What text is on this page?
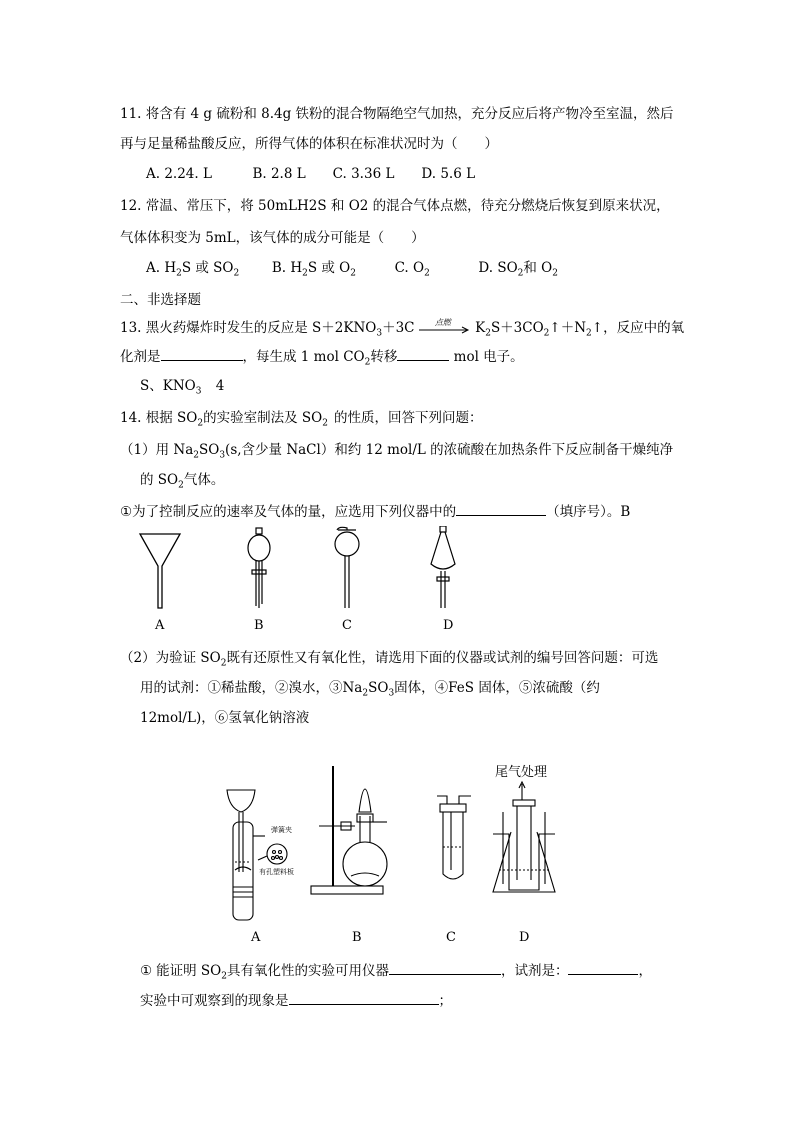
11. 将含有 4 g 硫粉和 8.4g 铁粉的混合物隔绝空气加热，充分反应后将产物冷至室温，然后
再与足量稀盐酸反应，所得气体的体积在标准状况时为（　　）
A. 2.24. L　　　B. 2.8 L　　C. 3.36 L　　D. 5.6 L
12. 常温、常压下，将 50mLH2S 和 O2 的混合气体点燃，待充分燃烧后恢复到原来状况，
气体体积变为 5mL，该气体的成分可能是（　　）
A. $H_2S$ 或 $SO_2$ B. $H_2S$ 或 $O_2$	C. $O_2$	D. $SO_2$和 $O_2$
二、非选择题
13. 黑火药爆炸时发生的反应是 $S+2KNO_3+3C$	点燃 $K_2S+3CO_2↑+N_2↑$，反应中的氧
化剂是	，每生成 1 mol $CO_2$转移	mol 电子。
S、$KNO_3$ 4
14. 根据 $SO_2$的实验室制法及 $SO_2$ 的性质，回答下列问题：
（1）用 $Na_2SO_3(s$,含少量 NaCl）和约 12 mol/L 的浓硫酸在加热条件下反应制备干燥纯净
的 $SO_2$气体。
①为了控制反应的速率及气体的量，应选用下列仪器中的	（填序号）。B
A	B	C	D
（2）为验证 $SO_2$既有还原性又有氧化性，请选用下面的仪器或试剂的编号回答问题：可选
用的试剂：①稀盐酸，②溴水，$③Na_2SO_3$固体，④FeS 固体，⑤浓硫酸（约
12mol/L)，⑥氢氧化钠溶液
弹簧夹
有孔塑料板
尾气处理
A	B	C	D
① 能证明 $SO_2$具有氧化性的实验可用仪器	，试剂是：	，
实验中可观察到的现象是	；
